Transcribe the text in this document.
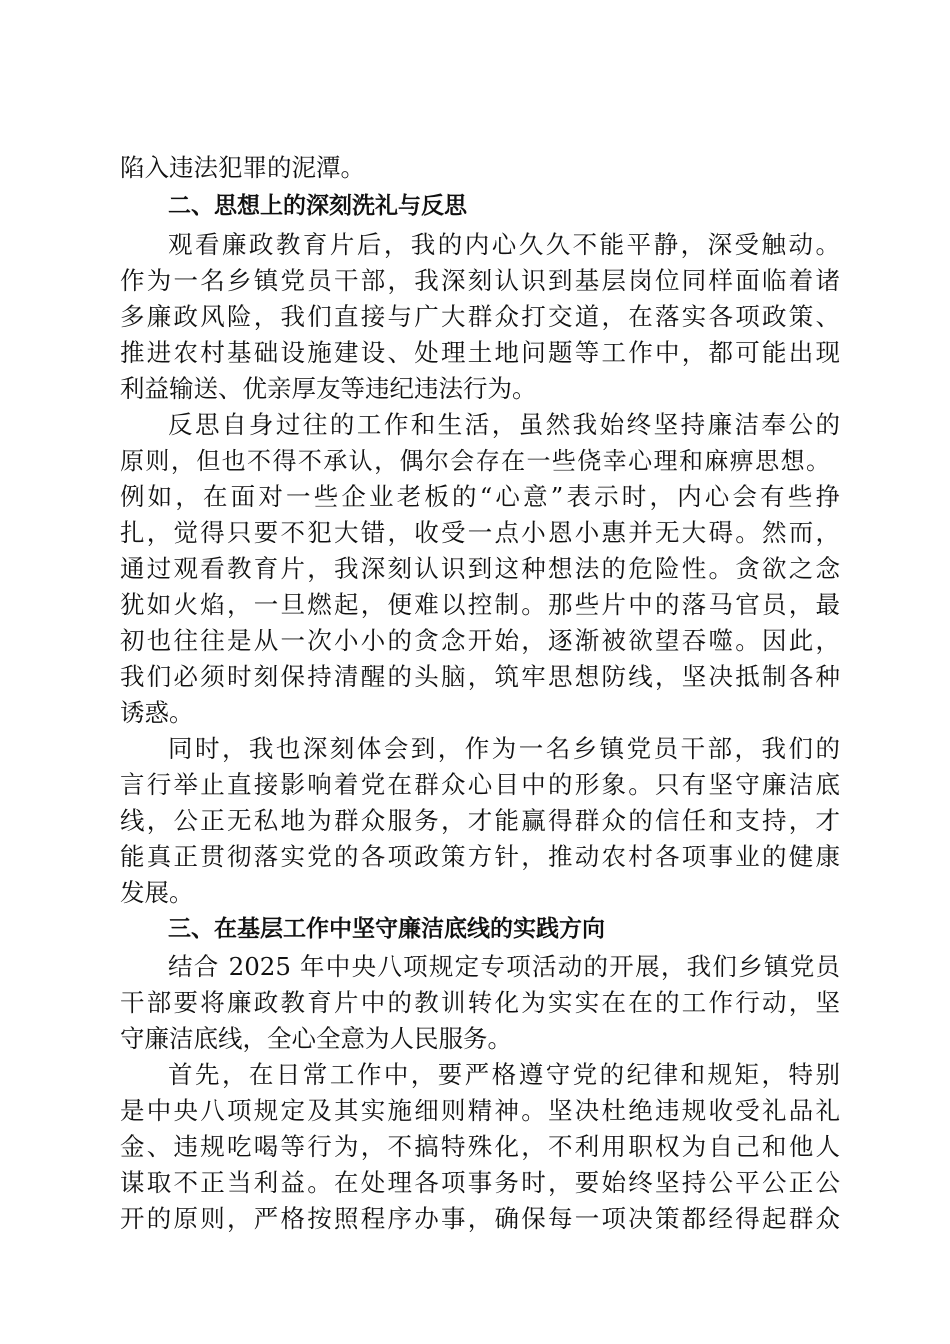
陷入违法犯罪的泥潭。
二、思想上的深刻洗礼与反思
观看廉政教育片后，我的内心久久不能平静，深受触动。
作为一名乡镇党员干部，我深刻认识到基层岗位同样面临着诸
多廉政风险，我们直接与广大群众打交道，在落实各项政策、
推进农村基础设施建设、处理土地问题等工作中，都可能出现
利益输送、优亲厚友等违纪违法行为。
反思自身过往的工作和生活，虽然我始终坚持廉洁奉公的
原则，但也不得不承认，偶尔会存在一些侥幸心理和麻痹思想。
例如，在面对一些企业老板的“心意”表示时，内心会有些挣
扎，觉得只要不犯大错，收受一点小恩小惠并无大碍。然而，
通过观看教育片，我深刻认识到这种想法的危险性。贪欲之念
犹如火焰，一旦燃起，便难以控制。那些片中的落马官员，最
初也往往是从一次小小的贪念开始，逐渐被欲望吞噬。因此，
我们必须时刻保持清醒的头脑，筑牢思想防线，坚决抵制各种
诱惑。
同时，我也深刻体会到，作为一名乡镇党员干部，我们的
言行举止直接影响着党在群众心目中的形象。只有坚守廉洁底
线，公正无私地为群众服务，才能赢得群众的信任和支持，才
能真正贯彻落实党的各项政策方针，推动农村各项事业的健康
发展。
三、在基层工作中坚守廉洁底线的实践方向
结合 2025 年中央八项规定专项活动的开展，我们乡镇党员
干部要将廉政教育片中的教训转化为实实在在的工作行动，坚
守廉洁底线，全心全意为人民服务。
首先，在日常工作中，要严格遵守党的纪律和规矩，特别
是中央八项规定及其实施细则精神。坚决杜绝违规收受礼品礼
金、违规吃喝等行为，不搞特殊化，不利用职权为自己和他人
谋取不正当利益。在处理各项事务时，要始终坚持公平公正公
开的原则，严格按照程序办事，确保每一项决策都经得起群众
